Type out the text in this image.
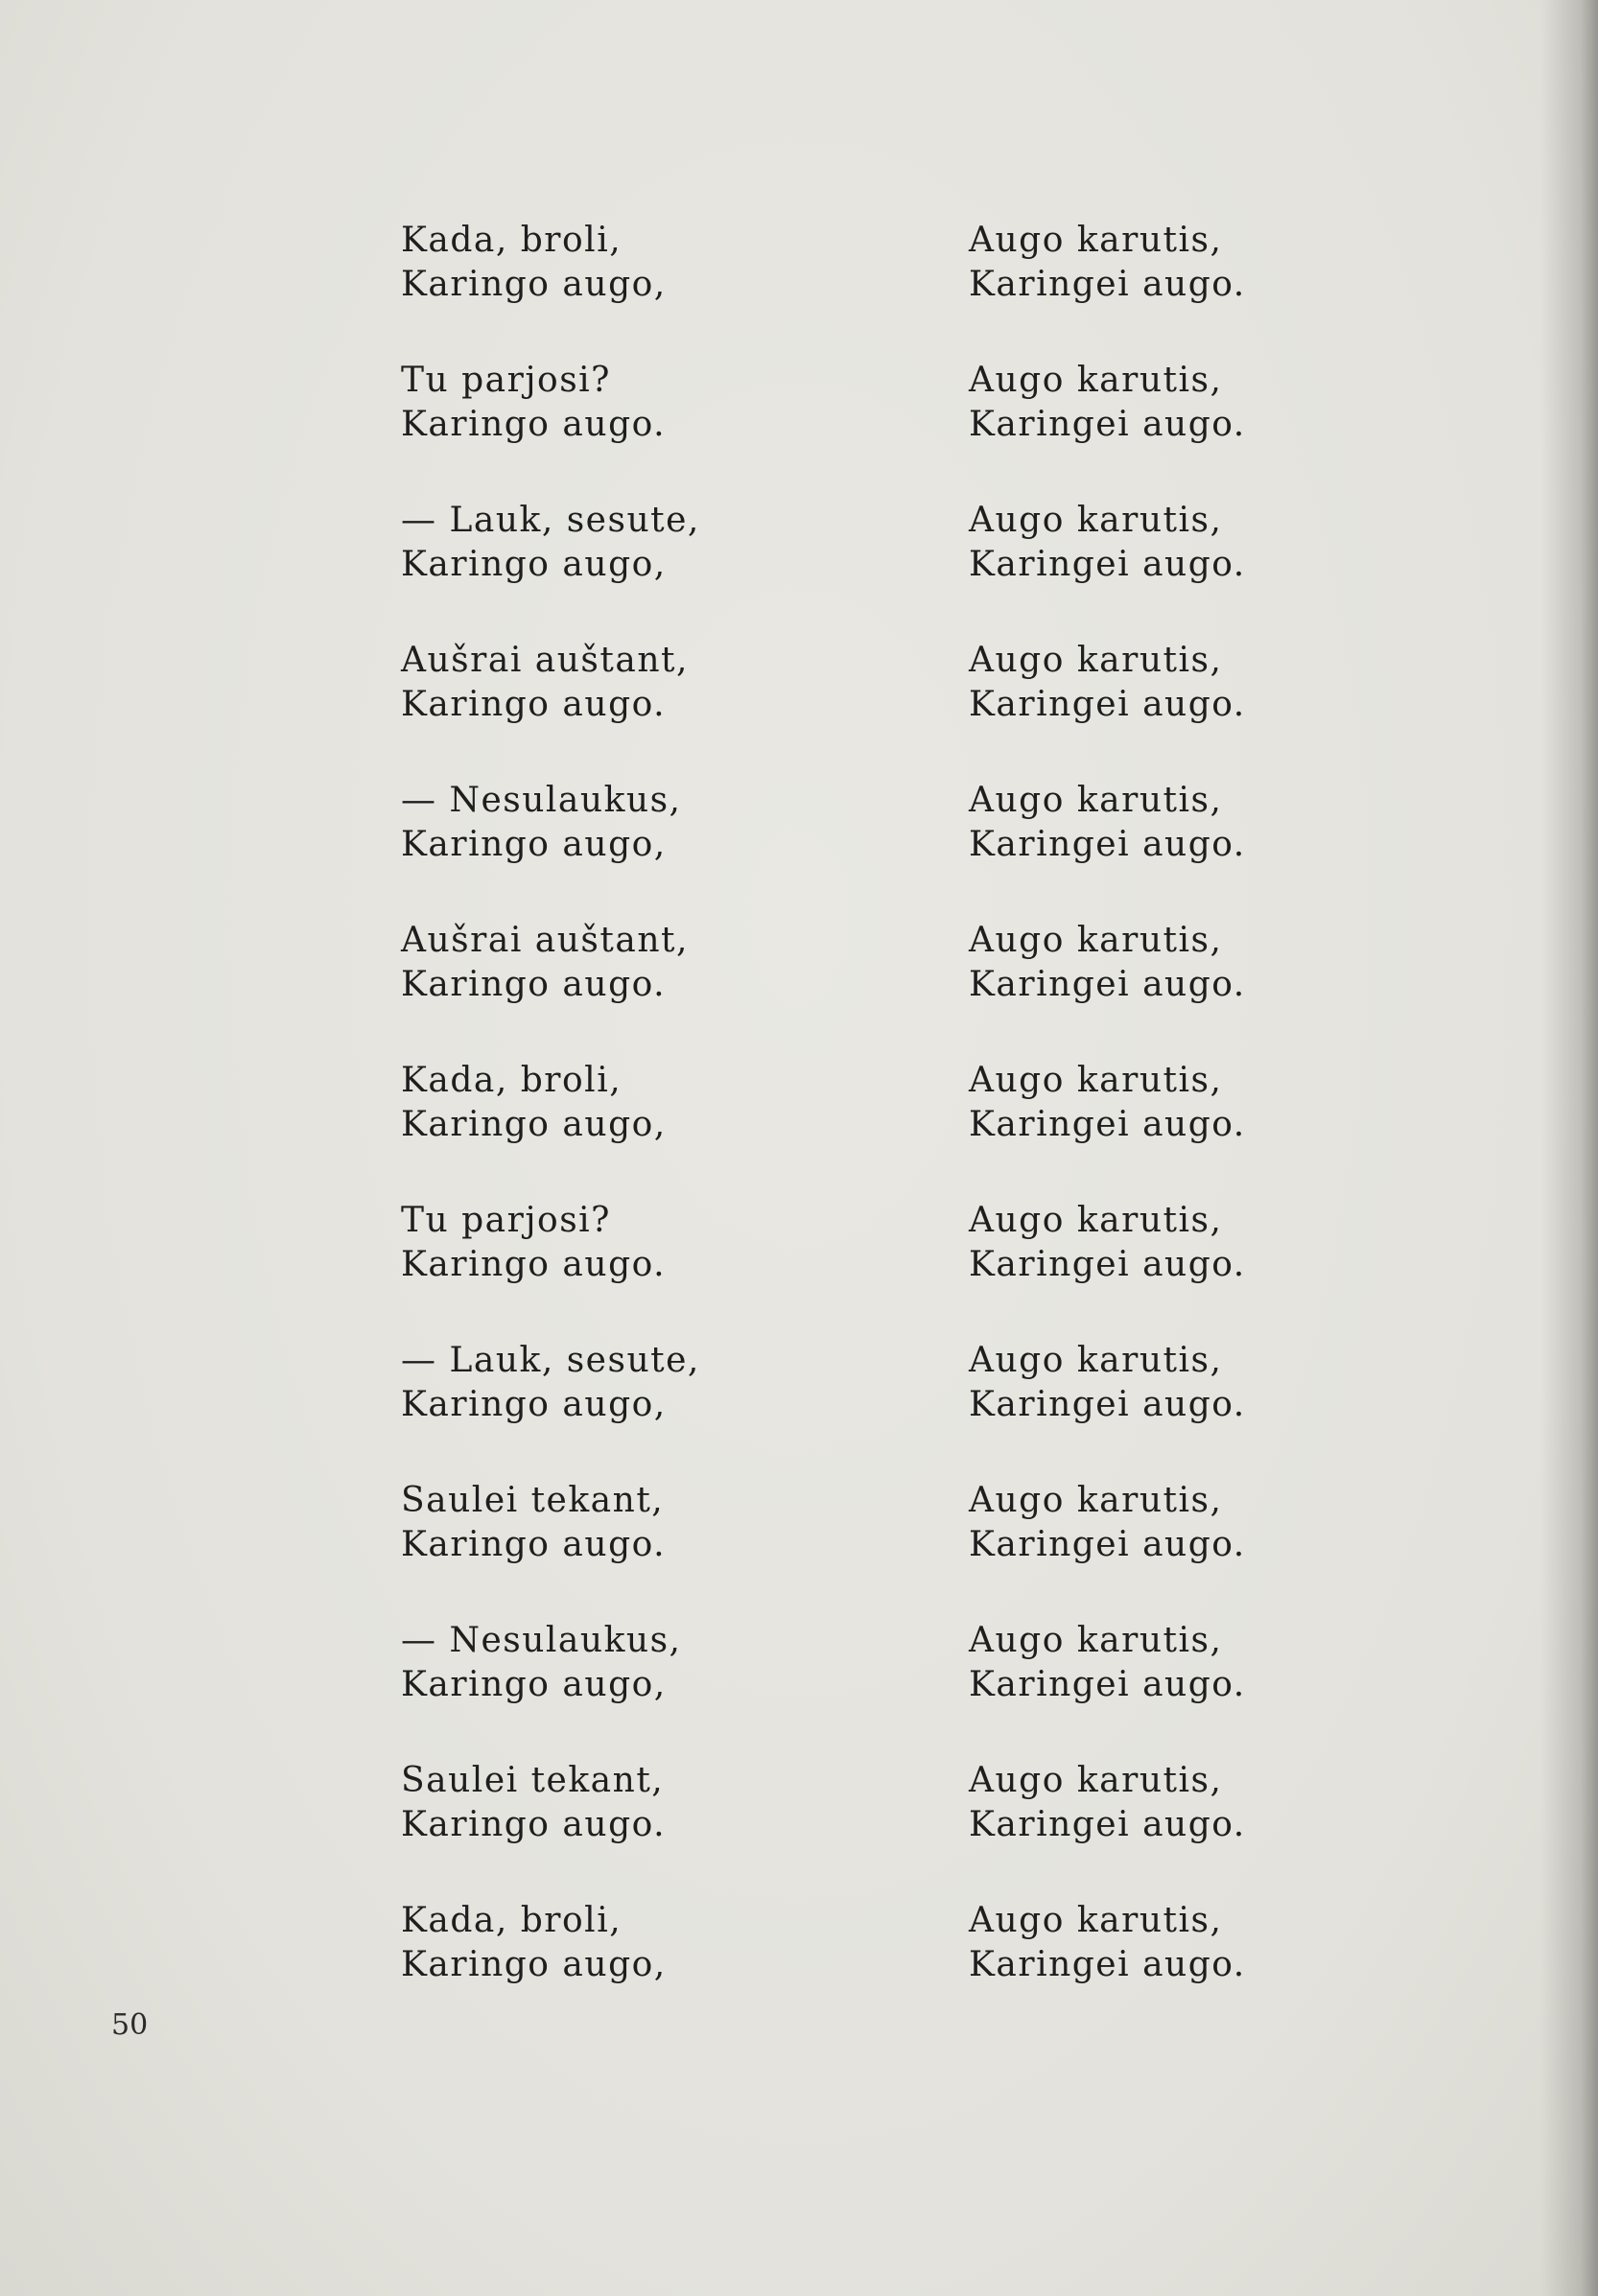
Kada, broli,
Karingo augo,
Tu parjosi?
Karingo augo.
— Lauk, sesute,
Karingo augo,
Aušrai auštant,
Karingo augo.
— Nesulaukus,
Karingo augo,
Aušrai auštant,
Karingo augo.
Kada, broli,
Karingo augo,
Tu parjosi?
Karingo augo.
— Lauk, sesute,
Karingo augo,
Saulei tekant,
Karingo augo.
— Nesulaukus,
Karingo augo,
Saulei tekant,
Karingo augo.
Kada, broli,
Karingo augo,
Augo karutis,
Karingei augo.
Augo karutis,
Karingei augo.
Augo karutis,
Karingei augo.
Augo karutis,
Karingei augo.
Augo karutis,
Karingei augo.
Augo karutis,
Karingei augo.
Augo karutis,
Karingei augo.
Augo karutis,
Karingei augo.
Augo karutis,
Karingei augo.
Augo karutis,
Karingei augo.
Augo karutis,
Karingei augo.
Augo karutis,
Karingei augo.
Augo karutis,
Karingei augo.
50
